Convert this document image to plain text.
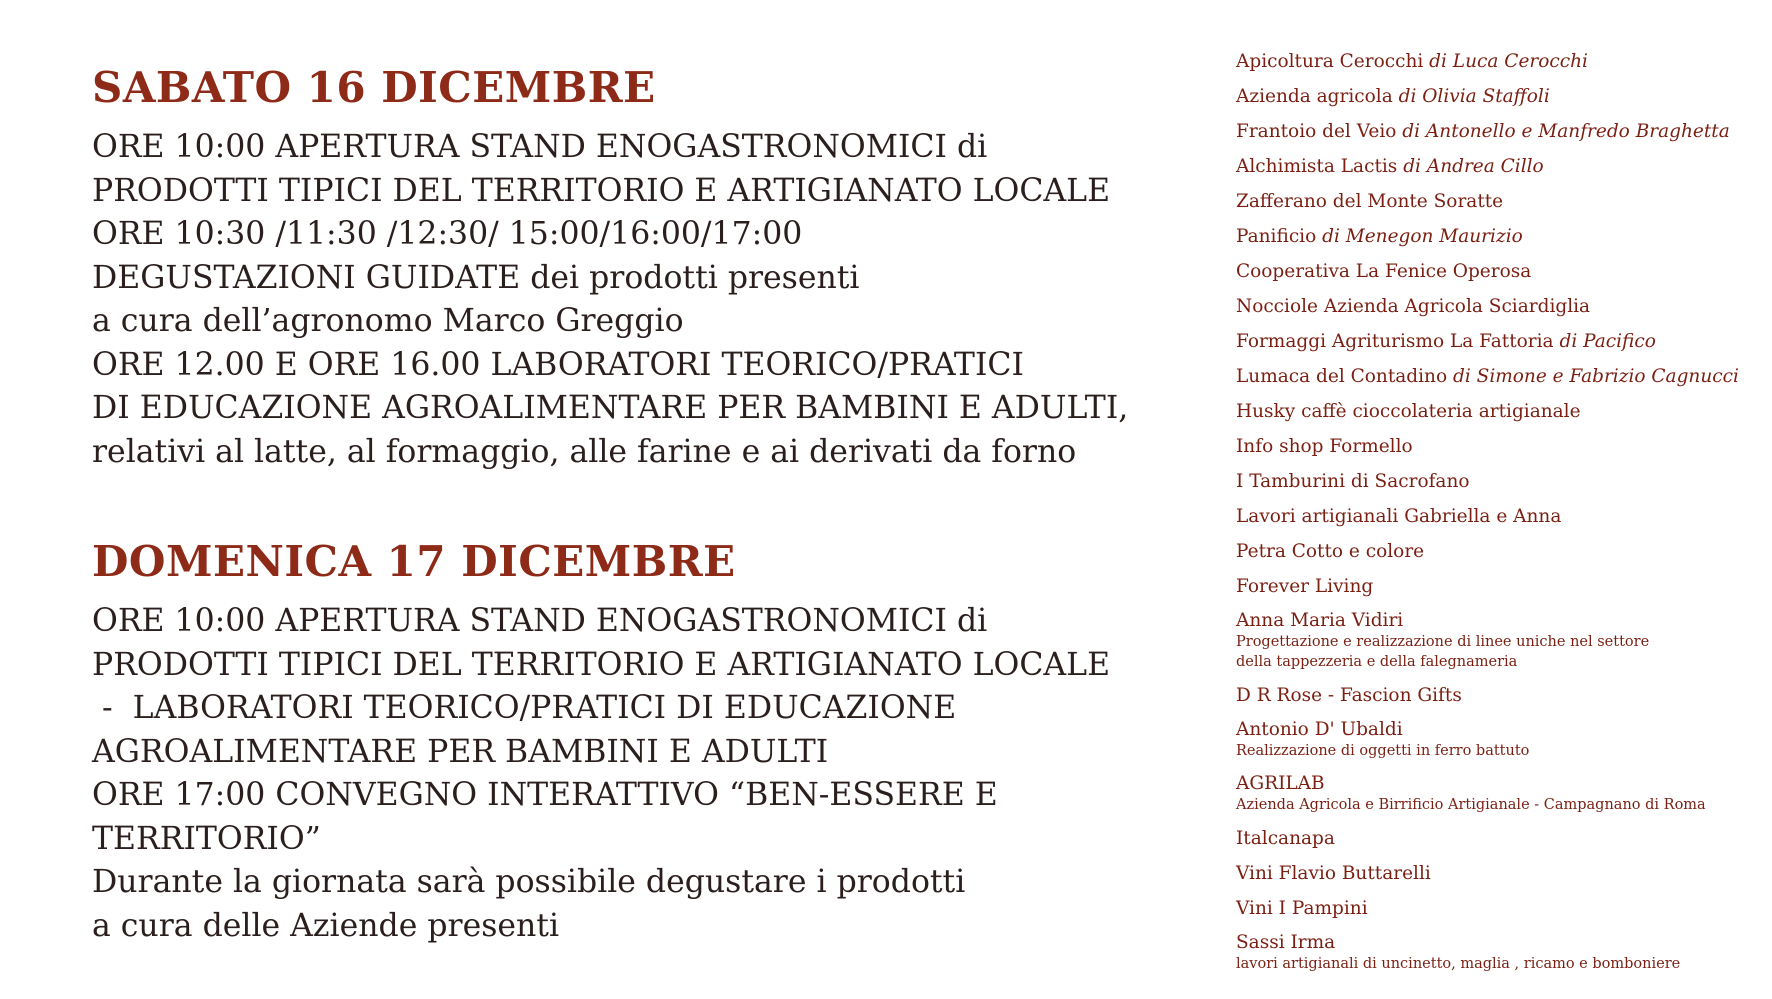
SABATO 16 DICEMBRE
ORE 10:00 APERTURA STAND ENOGASTRONOMICI di
PRODOTTI TIPICI DEL TERRITORIO E ARTIGIANATO LOCALE
ORE 10:30 /11:30 /12:30/ 15:00/16:00/17:00
DEGUSTAZIONI GUIDATE dei prodotti presenti
a cura dell’agronomo Marco Greggio
ORE 12.00 E ORE 16.00 LABORATORI TEORICO/PRATICI
DI EDUCAZIONE AGROALIMENTARE PER BAMBINI E ADULTI,
relativi al latte, al formaggio, alle farine e ai derivati da forno
DOMENICA 17 DICEMBRE
ORE 10:00 APERTURA STAND ENOGASTRONOMICI di
PRODOTTI TIPICI DEL TERRITORIO E ARTIGIANATO LOCALE
-  LABORATORI TEORICO/PRATICI DI EDUCAZIONE
AGROALIMENTARE PER BAMBINI E ADULTI
ORE 17:00 CONVEGNO INTERATTIVO “BEN-ESSERE E
TERRITORIO”
Durante la giornata sarà possibile degustare i prodotti
a cura delle Aziende presenti
Apicoltura Cerocchi di Luca Cerocchi
Azienda agricola di Olivia Staffoli
Frantoio del Veio di Antonello e Manfredo Braghetta
Alchimista Lactis di Andrea Cillo
Zafferano del Monte Soratte
Panificio di Menegon Maurizio
Cooperativa La Fenice Operosa
Nocciole Azienda Agricola Sciardiglia
Formaggi Agriturismo La Fattoria di Pacifico
Lumaca del Contadino di Simone e Fabrizio Cagnucci
Husky caffè cioccolateria artigianale
Info shop Formello
I Tamburini di Sacrofano
Lavori artigianali Gabriella e Anna
Petra Cotto e colore
Forever Living
Anna Maria Vidiri
Progettazione e realizzazione di linee uniche nel settore
della tappezzeria e della falegnameria
D R Rose - Fascion Gifts
Antonio D' Ubaldi
Realizzazione di oggetti in ferro battuto
AGRILAB
Azienda Agricola e Birrificio Artigianale - Campagnano di Roma
Italcanapa
Vini Flavio Buttarelli
Vini I Pampini
Sassi Irma
lavori artigianali di uncinetto, maglia , ricamo e bomboniere
